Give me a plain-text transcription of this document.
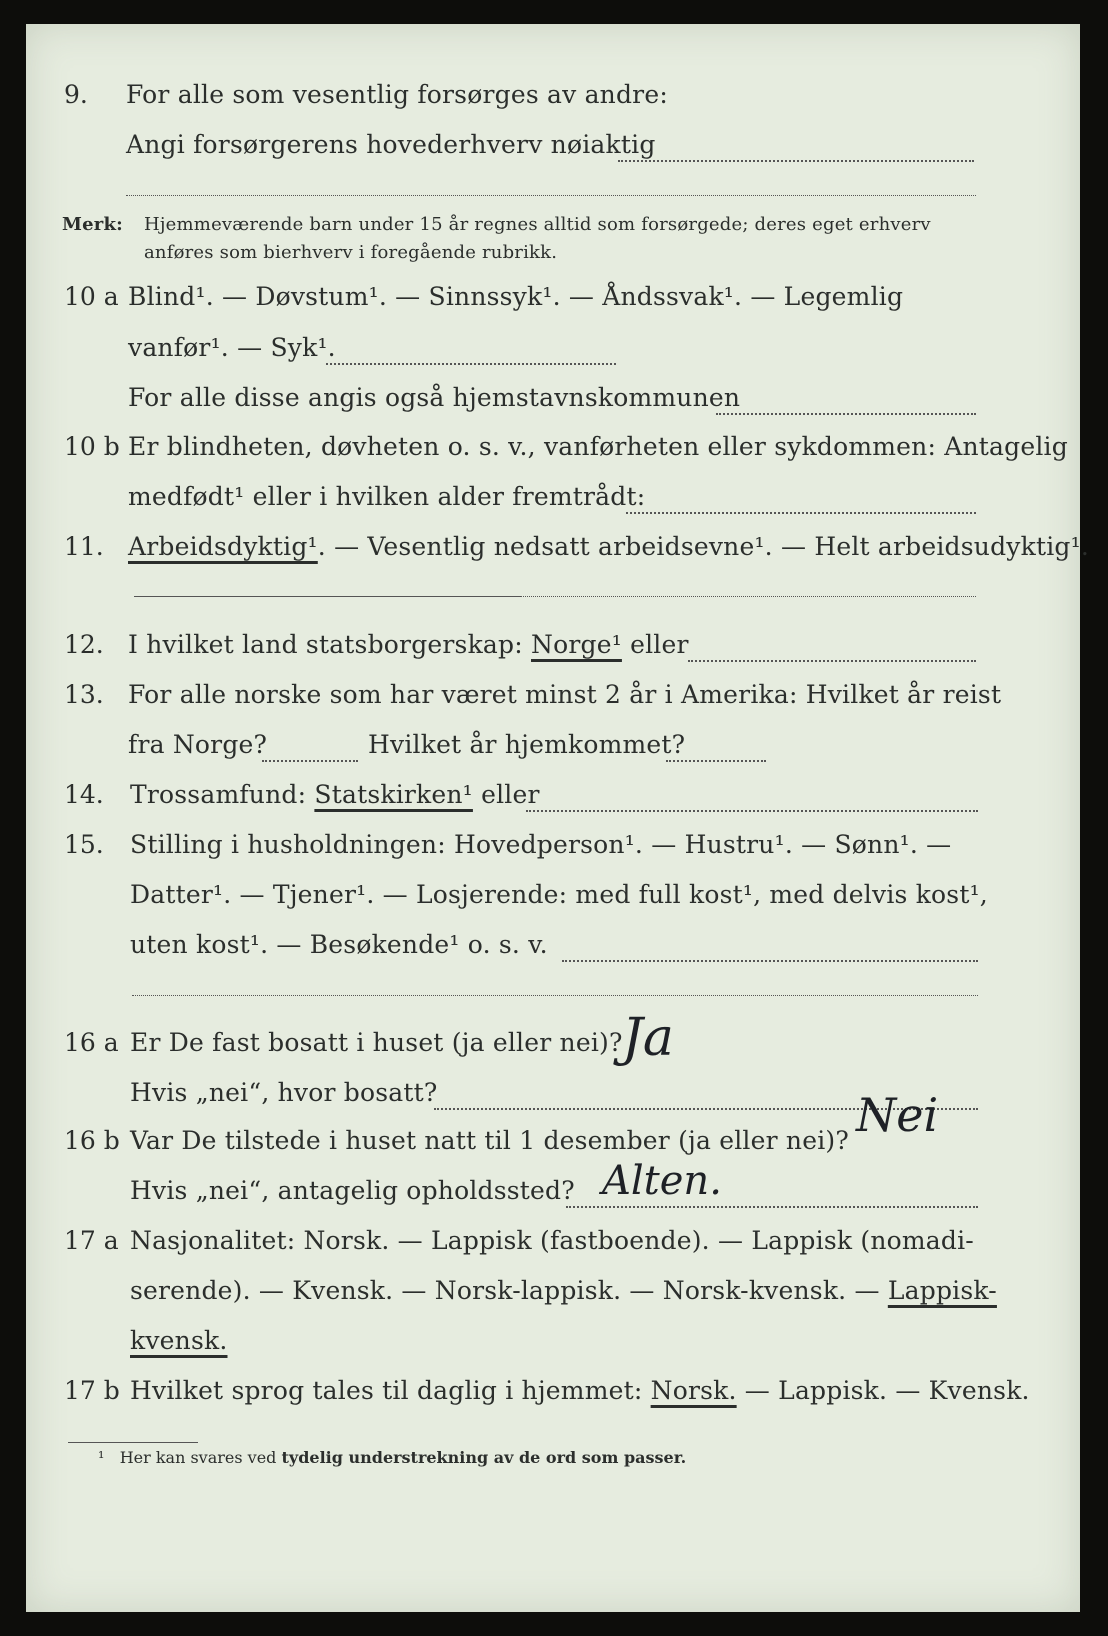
9. For alle som vesentlig forsørges av andre:
Angi forsørgerens hovederhverv nøiaktig
Merk: Hjemmeværende barn under 15 år regnes alltid som forsørgede; deres eget erhverv
anføres som bierhverv i foregående rubrikk.
10 a Blind¹. — Døvstum¹. — Sinnssyk¹. — Åndssvak¹. — Legemlig
vanfør¹. — Syk¹.
For alle disse angis også hjemstavnskommunen
10 b Er blindheten, døvheten o. s. v., vanførheten eller sykdommen: Antagelig
medfødt¹ eller i hvilken alder fremtrådt:
11. Arbeidsdyktig¹. — Vesentlig nedsatt arbeidsevne¹. — Helt arbeidsudyktig¹.
12. I hvilket land statsborgerskap: Norge¹ eller
13. For alle norske som har været minst 2 år i Amerika: Hvilket år reist
fra Norge?	Hvilket år hjemkommet?
14. Trossamfund: Statskirken¹ eller
15. Stilling i husholdningen: Hovedperson¹. — Hustru¹. — Sønn¹. —
Datter¹. — Tjener¹. — Losjerende: med full kost¹, med delvis kost¹,
uten kost¹. — Besøkende¹ o. s. v.
16 a Er De fast bosatt i huset (ja eller nei)? Ja
Hvis „nei“, hvor bosatt?
16 b Var De tilstede i huset natt til 1 desember (ja eller nei)? Nei
Hvis „nei“, antagelig opholdssted? Alten.
17 a Nasjonalitet: Norsk. — Lappisk (fastboende). — Lappisk (nomadi-
serende). — Kvensk. — Norsk-lappisk. — Norsk-kvensk. — Lappisk-
kvensk.
17 b Hvilket sprog tales til daglig i hjemmet: Norsk. — Lappisk. — Kvensk.
¹ Her kan svares ved tydelig understrekning av de ord som passer.
